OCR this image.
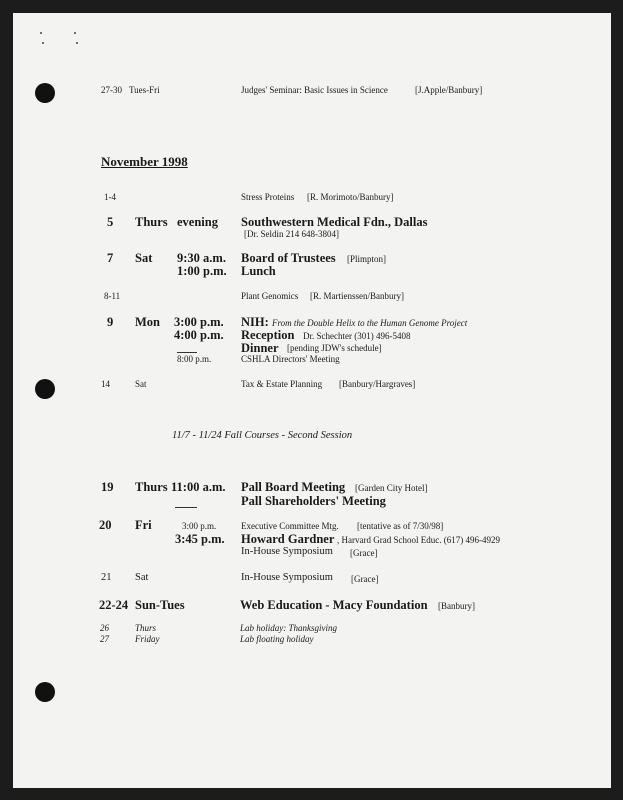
27-30 Tues-Fri	Judges' Seminar: Basic Issues in Science	[J.Apple/Banbury]
November 1998
1-4	Stress Proteins [R. Morimoto/Banbury]
5 Thurs evening Southwestern Medical Fdn., Dallas
[Dr. Seldin 214 648-3804]
7 Sat 9:30 a.m. Board of Trustees [Plimpton]
1:00 p.m. Lunch
8-11	Plant Genomics [R. Martienssen/Banbury]
9 Mon 3:00 p.m. NIH: From the Double Helix to the Human Genome Project
4:00 p.m. Reception Dr. Schechter (301) 496-5408
Dinner [pending JDW's schedule]
8:00 p.m.	CSHLA Directors' Meeting
14	Sat	Tax & Estate Planning [Banbury/Hargraves]
11/7 - 11/24 Fall Courses - Second Session
19 Thurs 11:00 a.m. Pall Board Meeting [Garden City Hotel]
Pall Shareholders' Meeting
20 Fri	3:00 p.m.	Executive Committee Mtg. [tentative as of 7/30/98]
3:45 p.m. Howard Gardner , Harvard Grad School Educ. (617) 496-4929
In-House Symposium [Grace]
21 Sat	In-House Symposium [Grace]
22-24 Sun-Tues	Web Education - Macy Foundation [Banbury]
26	Thurs	Lab holiday: Thanksgiving
27	Friday	Lab floating holiday
